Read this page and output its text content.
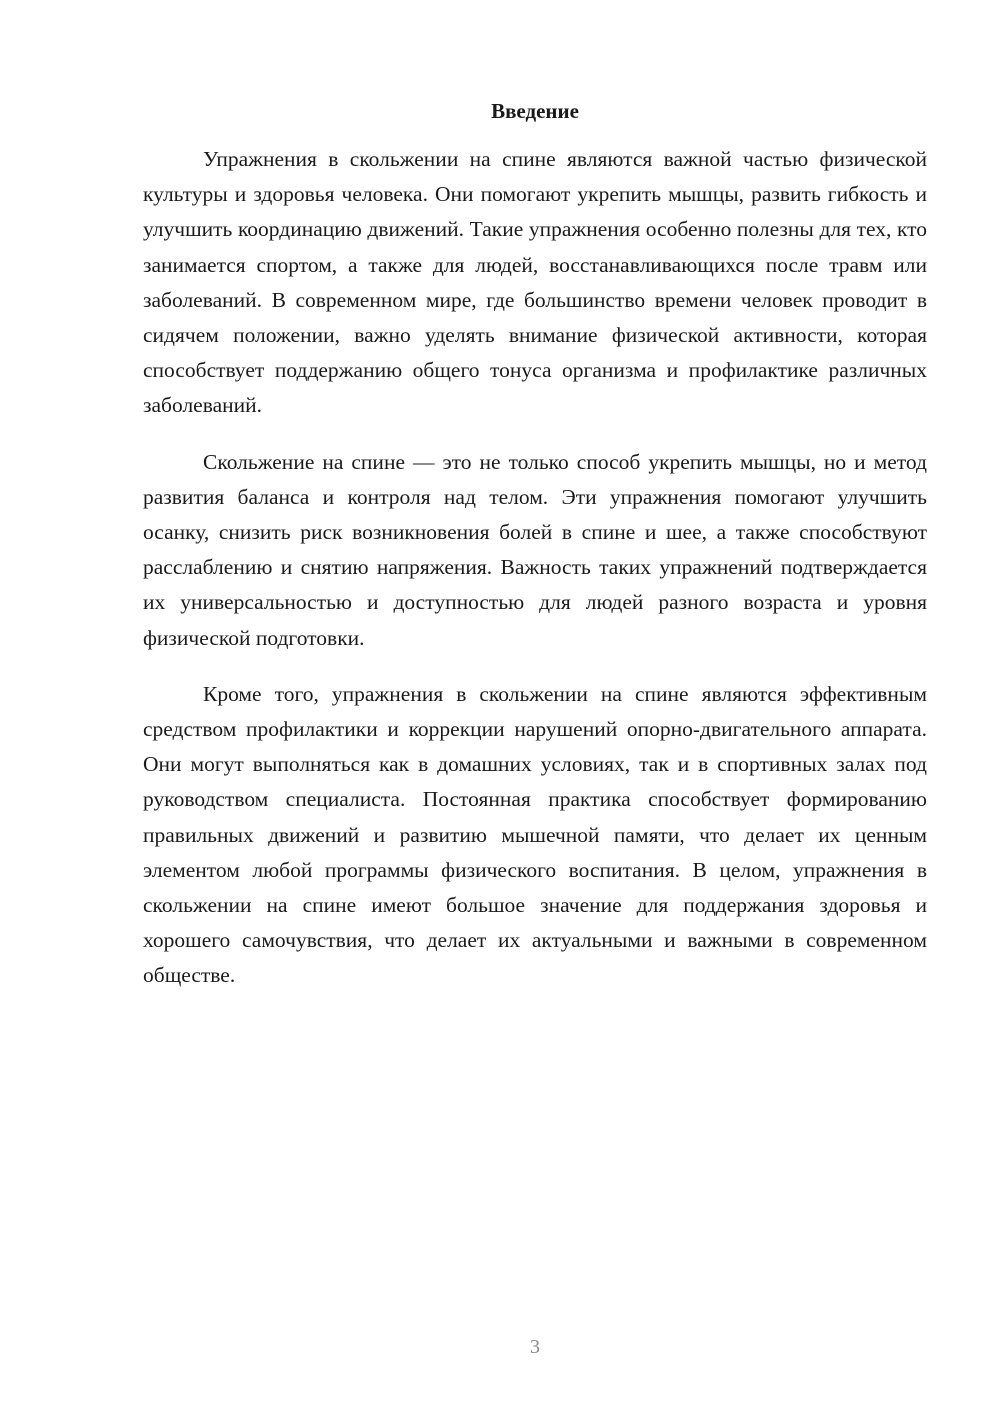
Введение

Упражнения в скольжении на спине являются важной частью физической культуры и здоровья человека. Они помогают укрепить мышцы, развить гибкость и улучшить координацию движений. Такие упражнения особенно полезны для тех, кто занимается спортом, а также для людей, восстанавливающихся после травм или заболеваний. В современном мире, где большинство времени человек проводит в сидячем положении, важно уделять внимание физической активности, которая способствует поддержанию общего тонуса организма и профилактике различных заболеваний.

Скольжение на спине — это не только способ укрепить мышцы, но и метод развития баланса и контроля над телом. Эти упражнения помогают улучшить осанку, снизить риск возникновения болей в спине и шее, а также способствуют расслаблению и снятию напряжения. Важность таких упражнений подтверждается их универсальностью и доступностью для людей разного возраста и уровня физической подготовки.

Кроме того, упражнения в скольжении на спине являются эффективным средством профилактики и коррекции нарушений опорно-двигательного аппарата. Они могут выполняться как в домашних условиях, так и в спортивных залах под руководством специалиста. Постоянная практика способствует формированию правильных движений и развитию мышечной памяти, что делает их ценным элементом любой программы физического воспитания. В целом, упражнения в скольжении на спине имеют большое значение для поддержания здоровья и хорошего самочувствия, что делает их актуальными и важными в современном обществе.

3
